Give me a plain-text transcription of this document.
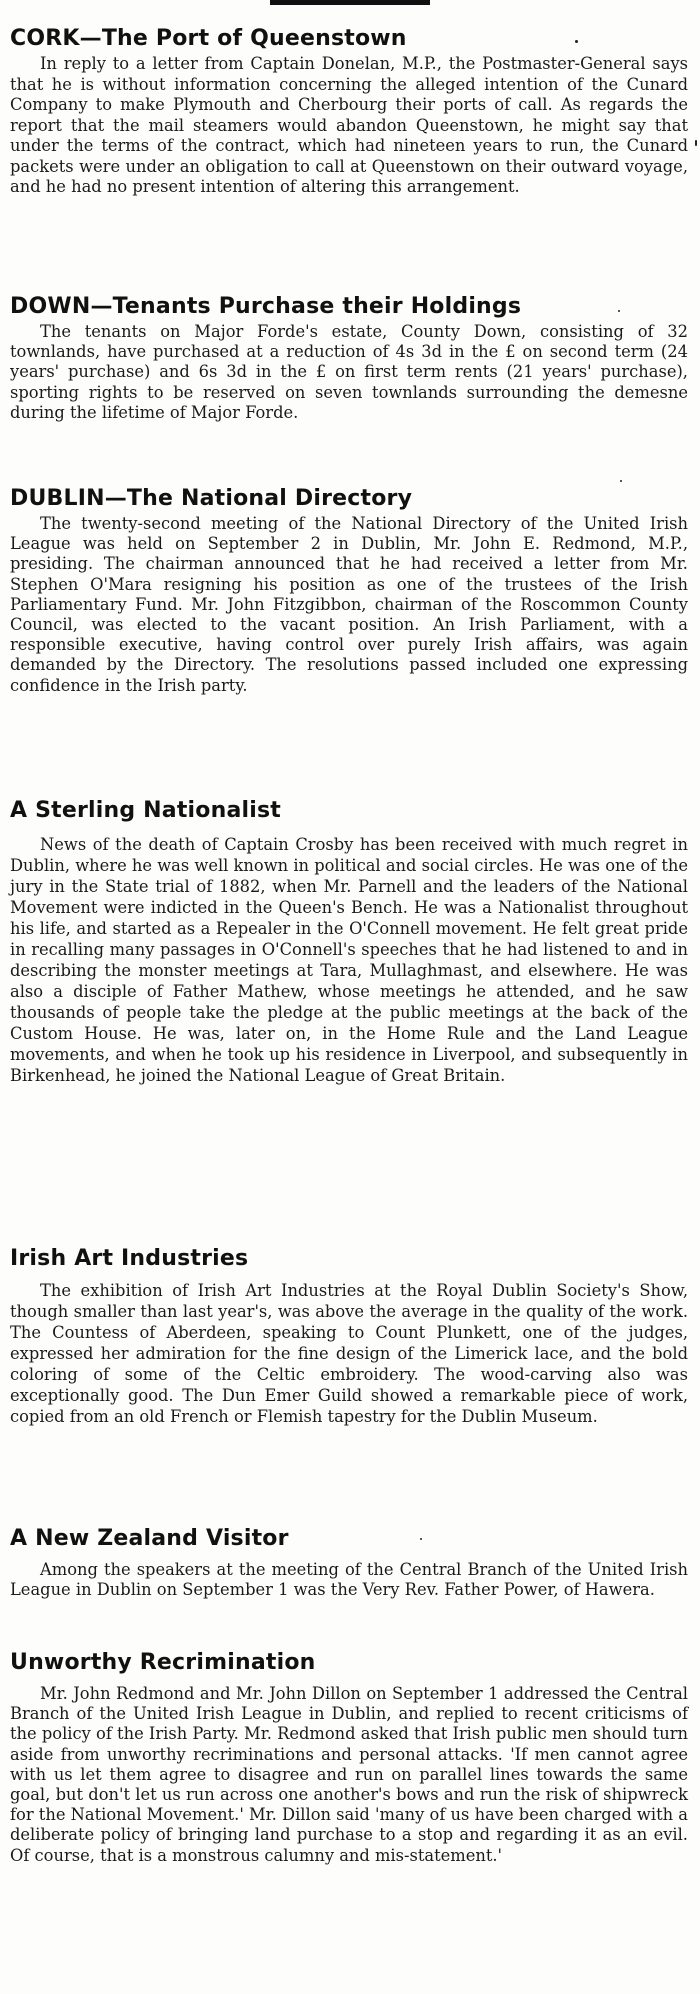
CORK—The Port of Queenstown

In reply to a letter from Captain Donelan, M.P., the Postmaster-General says that he is without information concerning the alleged intention of the Cunard Company to make Plymouth and Cherbourg their ports of call. As regards the report that the mail steamers would abandon Queenstown, he might say that under the terms of the contract, which had nineteen years to run, the Cunard packets were under an obligation to call at Queenstown on their outward voyage, and he had no present intention of altering this arrangement.

DOWN—Tenants Purchase their Holdings

The tenants on Major Forde's estate, County Down, consisting of 32 townlands, have purchased at a reduction of 4s 3d in the £ on second term (24 years' purchase) and 6s 3d in the £ on first term rents (21 years' purchase), sporting rights to be reserved on seven townlands surrounding the demesne during the lifetime of Major Forde.

DUBLIN—The National Directory

The twenty-second meeting of the National Directory of the United Irish League was held on September 2 in Dublin, Mr. John E. Redmond, M.P., presiding. The chairman announced that he had received a letter from Mr. Stephen O'Mara resigning his position as one of the trustees of the Irish Parliamentary Fund. Mr. John Fitzgibbon, chairman of the Roscommon County Council, was elected to the vacant position. An Irish Parliament, with a responsible executive, having control over purely Irish affairs, was again demanded by the Directory. The resolutions passed included one expressing confidence in the Irish party.

A Sterling Nationalist

News of the death of Captain Crosby has been received with much regret in Dublin, where he was well known in political and social circles. He was one of the jury in the State trial of 1882, when Mr. Parnell and the leaders of the National Movement were indicted in the Queen's Bench. He was a Nationalist throughout his life, and started as a Repealer in the O'Connell movement. He felt great pride in recalling many passages in O'Connell's speeches that he had listened to and in describing the monster meetings at Tara, Mullaghmast, and elsewhere. He was also a disciple of Father Mathew, whose meetings he attended, and he saw thousands of people take the pledge at the public meetings at the back of the Custom House. He was, later on, in the Home Rule and the Land League movements, and when he took up his residence in Liverpool, and subsequently in Birkenhead, he joined the National League of Great Britain.

Irish Art Industries

The exhibition of Irish Art Industries at the Royal Dublin Society's Show, though smaller than last year's, was above the average in the quality of the work. The Countess of Aberdeen, speaking to Count Plunkett, one of the judges, expressed her admiration for the fine design of the Limerick lace, and the bold coloring of some of the Celtic embroidery. The wood-carving also was exceptionally good. The Dun Emer Guild showed a remarkable piece of work, copied from an old French or Flemish tapestry for the Dublin Museum.

A New Zealand Visitor

Among the speakers at the meeting of the Central Branch of the United Irish League in Dublin on September 1 was the Very Rev. Father Power, of Hawera.

Unworthy Recrimination

Mr. John Redmond and Mr. John Dillon on September 1 addressed the Central Branch of the United Irish League in Dublin, and replied to recent criticisms of the policy of the Irish Party. Mr. Redmond asked that Irish public men should turn aside from unworthy recriminations and personal attacks. 'If men cannot agree with us let them agree to disagree and run on parallel lines towards the same goal, but don't let us run across one another's bows and run the risk of shipwreck for the National Movement.' Mr. Dillon said 'many of us have been charged with a deliberate policy of bringing land purchase to a stop and regarding it as an evil. Of course, that is a monstrous calumny and mis-statement.'
